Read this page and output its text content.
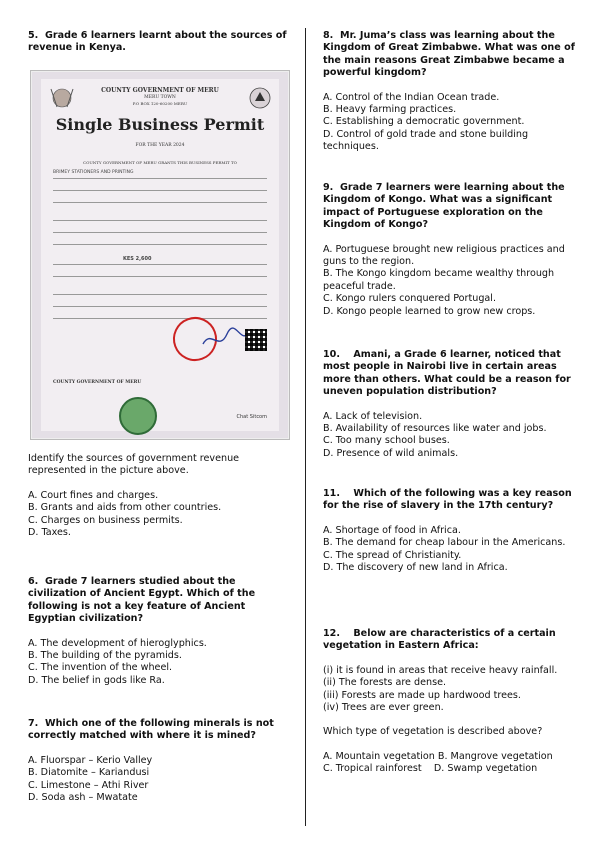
5. Grade 6 learners learnt about the sources of revenue in Kenya.

COUNTY GOVERNMENT OF MERU
MERU TOWN
P.O BOX 120-60200 MERU
Single Business Permit
FOR THE YEAR 2024
COUNTY GOVERNMENT OF MERU GRANTS THIS BUSINESS PERMIT TO
BRIMEY STATIONERS AND PRINTING
KES 2,600
COUNTY GOVERNMENT OF MERU
Chat Sitcom

Identify the sources of government revenue represented in the picture above.

A. Court fines and charges.

B. Grants and aids from other countries.

C. Charges on business permits.

D. Taxes.

6. Grade 7 learners studied about the civilization of Ancient Egypt. Which of the following is not a key feature of Ancient Egyptian civilization?

A. The development of hieroglyphics.

B. The building of the pyramids.

C. The invention of the wheel.

D. The belief in gods like Ra.

7. Which one of the following minerals is not correctly matched with where it is mined?

A. Fluorspar – Kerio Valley

B. Diatomite – Kariandusi

C. Limestone – Athi River

D. Soda ash – Mwatate

8. Mr. Juma’s class was learning about the Kingdom of Great Zimbabwe. What was one of the main reasons Great Zimbabwe became a powerful kingdom?

A. Control of the Indian Ocean trade.

B. Heavy farming practices.

C. Establishing a democratic government.

D. Control of gold trade and stone building techniques.

9. Grade 7 learners were learning about the Kingdom of Kongo. What was a significant impact of Portuguese exploration on the Kingdom of Kongo?

A. Portuguese brought new religious practices and guns to the region.

B. The Kongo kingdom became wealthy through peaceful trade.

C. Kongo rulers conquered Portugal.

D. Kongo people learned to grow new crops.

10. Amani, a Grade 6 learner, noticed that most people in Nairobi live in certain areas more than others. What could be a reason for uneven population distribution?

A. Lack of television.

B. Availability of resources like water and jobs.

C. Too many school buses.

D. Presence of wild animals.

11. Which of the following was a key reason for the rise of slavery in the 17th century?

A. Shortage of food in Africa.

B. The demand for cheap labour in the Americans.

C. The spread of Christianity.

D. The discovery of new land in Africa.

12. Below are characteristics of a certain vegetation in Eastern Africa:

(i) it is found in areas that receive heavy rainfall.

(ii) The forests are dense.

(iii) Forests are made up hardwood trees.

(iv) Trees are ever green.

Which type of vegetation is described above?

A. Mountain vegetation B. Mangrove vegetation

C. Tropical rainforest    D. Swamp vegetation
